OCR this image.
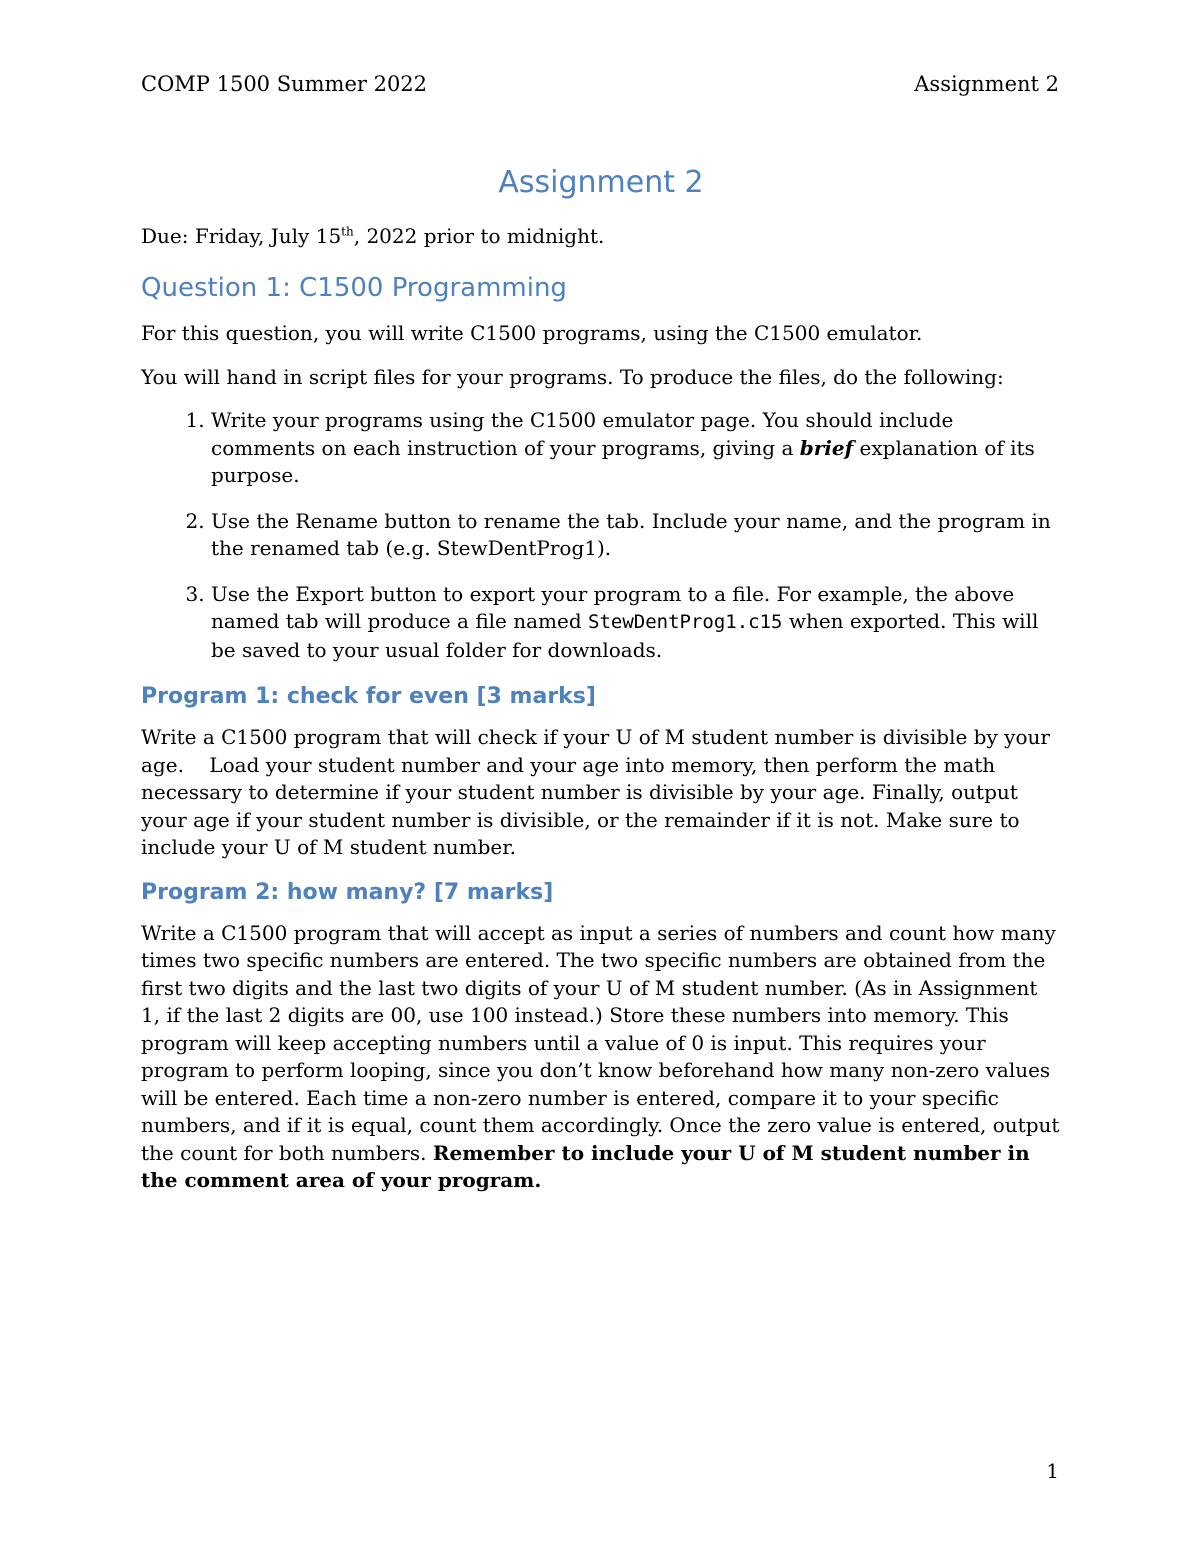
COMP 1500 Summer 2022	Assignment 2
Assignment 2
Due: Friday, July 15th, 2022 prior to midnight.
Question 1: C1500 Programming

For this question, you will write C1500 programs, using the C1500 emulator.

You will hand in script files for your programs. To produce the files, do the following:

1. Write your programs using the C1500 emulator page. You should include comments on each instruction of your programs, giving a brief explanation of its purpose.
2. Use the Rename button to rename the tab. Include your name, and the program in the renamed tab (e.g. StewDentProg1).
3. Use the Export button to export your program to a file. For example, the above named tab will produce a file named StewDentProg1.c15 when exported. This will be saved to your usual folder for downloads.
Program 1: check for even [3 marks]

Write a C1500 program that will check if your U of M student number is divisible by your age.    Load your student number and your age into memory, then perform the math necessary to determine if your student number is divisible by your age. Finally, output your age if your student number is divisible, or the remainder if it is not. Make sure to include your U of M student number.

Program 2: how many? [7 marks]

Write a C1500 program that will accept as input a series of numbers and count how many times two specific numbers are entered. The two specific numbers are obtained from the first two digits and the last two digits of your U of M student number. (As in Assignment 1, if the last 2 digits are 00, use 100 instead.) Store these numbers into memory. This program will keep accepting numbers until a value of 0 is input. This requires your program to perform looping, since you don’t know beforehand how many non-zero values will be entered. Each time a non-zero number is entered, compare it to your specific numbers, and if it is equal, count them accordingly. Once the zero value is entered, output the count for both numbers. Remember to include your U of M student number in the comment area of your program.

1
